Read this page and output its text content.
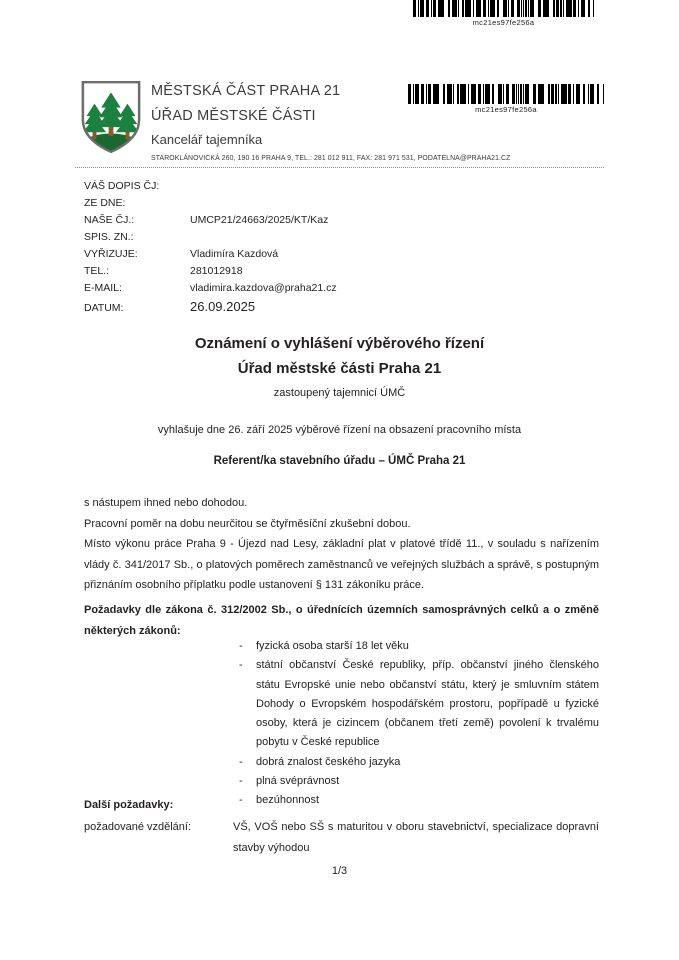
mc21es97fe256a
MĚSTSKÁ ČÁST PRAHA 21
ÚŘAD MĚSTSKÉ ČÁSTI
Kancelář tajemníka
STAROKLÁNOVICKÁ 260, 190 16 PRAHA 9, TEL.: 281 012 911, FAX: 281 971 531, PODATELNA@PRAHA21.CZ
mc21es97fe256a
VÁŠ DOPIS ČJ:
ZE DNE:
NAŠE ČJ.:	UMCP21/24663/2025/KT/Kaz
SPIS. ZN.:
VYŘIZUJE:	Vladimíra Kazdová
TEL.:	281012918
E-MAIL:	vladimira.kazdova@praha21.cz
DATUM:	26.09.2025
Oznámení o vyhlášení výběrového řízení
Úřad městské části Praha 21
zastoupený tajemnicí ÚMČ
vyhlašuje dne 26. září 2025 výběrové řízení na obsazení pracovního místa
Referent/ka stavebního úřadu – ÚMČ Praha 21

s nástupem ihned nebo dohodou.

Pracovní poměr na dobu neurčitou se čtyřměsíční zkušební dobou.

Místo výkonu práce Praha 9 - Újezd nad Lesy, základní plat v platové třídě 11., v souladu s nařízením vlády č. 341/2017 Sb., o platových poměrech zaměstnanců ve veřejných službách a správě, s postupným přiznáním osobního příplatku podle ustanovení § 131 zákoníku práce.

Požadavky dle zákona č. 312/2002 Sb., o úřednících územních samosprávných celků a o změně některých zákonů:
-	fyzická osoba starší 18 let věku
-	státní občanství České republiky, příp. občanství jiného členského státu Evropské unie nebo občanství státu, který je smluvním státem Dohody o Evropském hospodářském prostoru, popřípadě u fyzické osoby, která je cizincem (občanem třetí země) povolení k trvalému pobytu v České republice
-	dobrá znalost českého jazyka
-	plná svéprávnost
-	bezúhonnost
Další požadavky:
požadované vzdělání:	VŠ, VOŠ nebo SŠ s maturitou v oboru stavebnictví, specializace dopravní stavby výhodou
1/3
